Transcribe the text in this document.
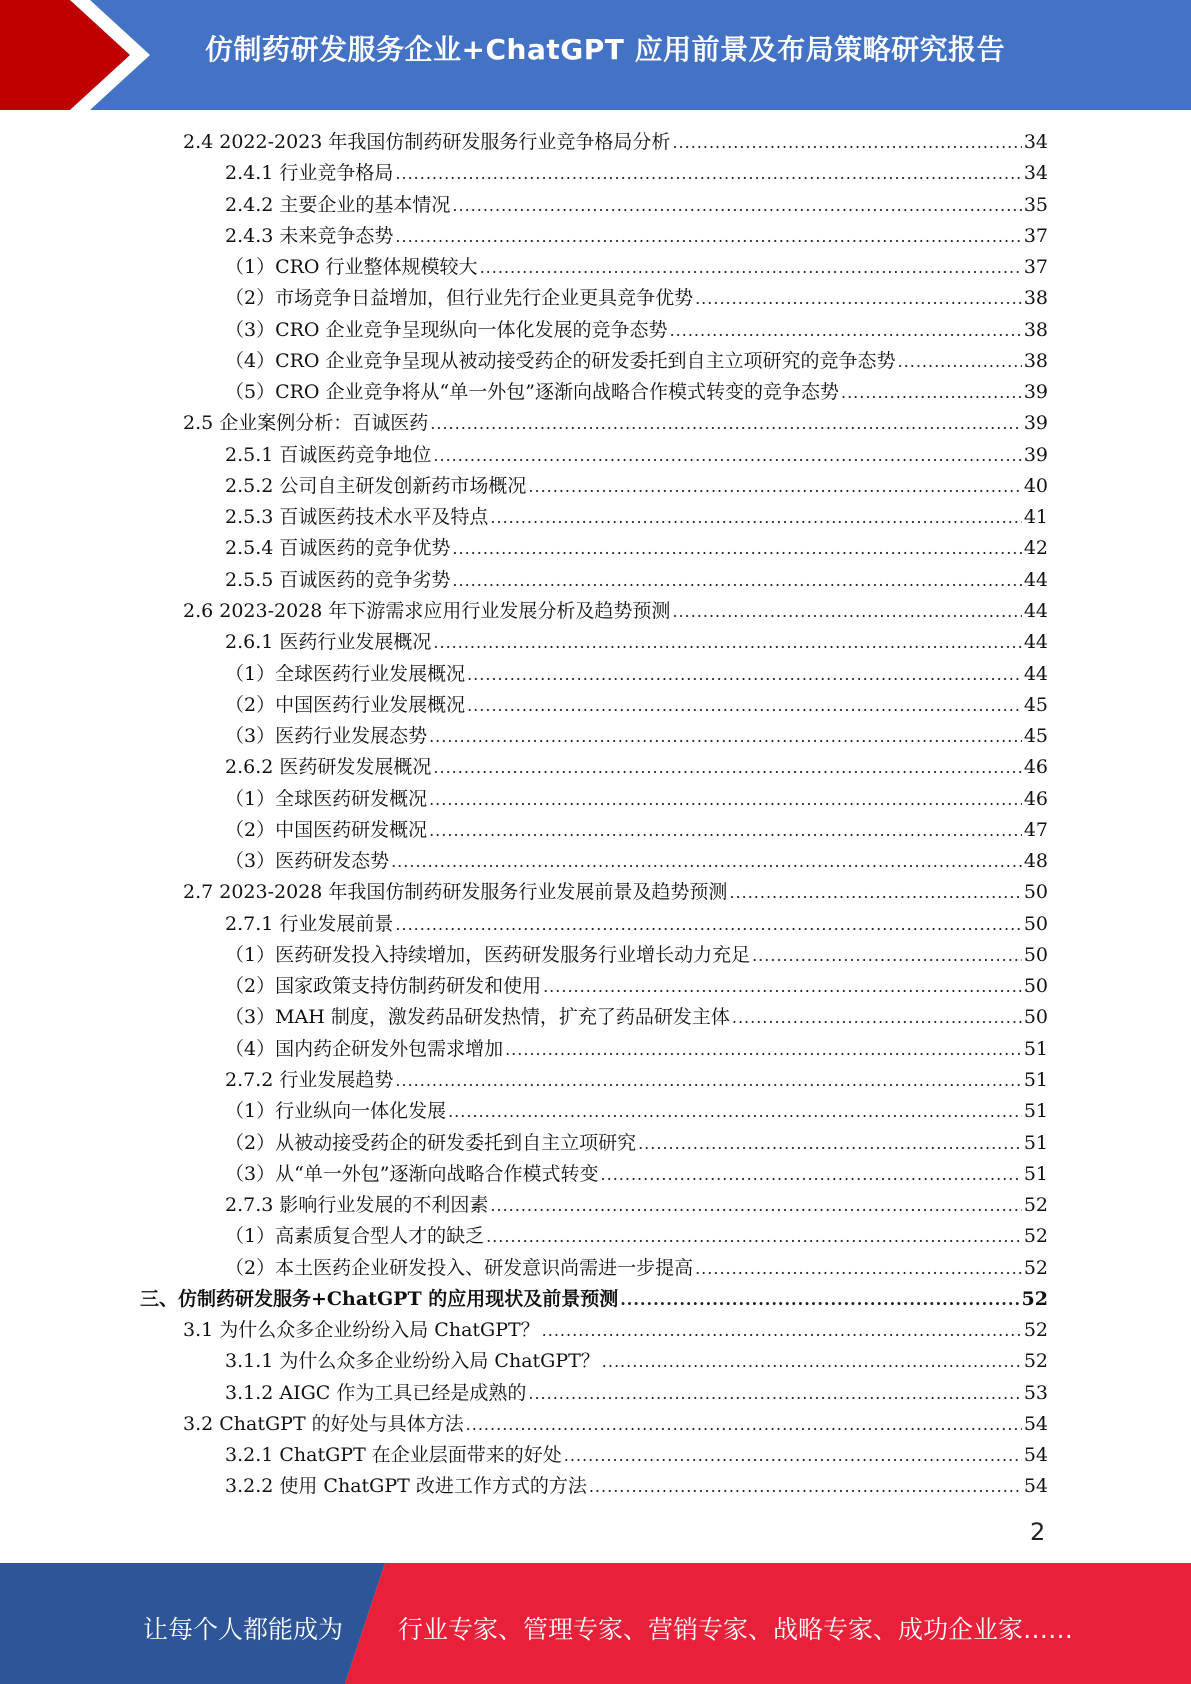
仿制药研发服务企业+ChatGPT 应用前景及布局策略研究报告
2.4 2022-2023 年我国仿制药研发服务行业竞争格局分析 .....	34
2.4.1 行业竞争格局 .....	34
2.4.2 主要企业的基本情况 .....	35
2.4.3 未来竞争态势 .....	37
（1）CRO 行业整体规模较大 .....	37
（2）市场竞争日益增加，但行业先行企业更具竞争优势 .....	38
（3）CRO 企业竞争呈现纵向一体化发展的竞争态势 .....	38
（4）CRO 企业竞争呈现从被动接受药企的研发委托到自主立项研究的竞争态势 .....	38
（5）CRO 企业竞争将从“单一外包”逐渐向战略合作模式转变的竞争态势 .....	39
2.5 企业案例分析：百诚医药 .....	39
2.5.1 百诚医药竞争地位 .....	39
2.5.2 公司自主研发创新药市场概况 .....	40
2.5.3 百诚医药技术水平及特点 .....	41
2.5.4 百诚医药的竞争优势 .....	42
2.5.5 百诚医药的竞争劣势 .....	44
2.6 2023-2028 年下游需求应用行业发展分析及趋势预测 .....	44
2.6.1 医药行业发展概况 .....	44
（1）全球医药行业发展概况 .....	44
（2）中国医药行业发展概况 .....	45
（3）医药行业发展态势 .....	45
2.6.2 医药研发发展概况 .....	46
（1）全球医药研发概况 .....	46
（2）中国医药研发概况 .....	47
（3）医药研发态势 .....	48
2.7 2023-2028 年我国仿制药研发服务行业发展前景及趋势预测 .....	50
2.7.1 行业发展前景 .....	50
（1）医药研发投入持续增加，医药研发服务行业增长动力充足 .....	50
（2）国家政策支持仿制药研发和使用 .....	50
（3）MAH 制度，激发药品研发热情，扩充了药品研发主体 .....	50
（4）国内药企研发外包需求增加 .....	51
2.7.2 行业发展趋势 .....	51
（1）行业纵向一体化发展 .....	51
（2）从被动接受药企的研发委托到自主立项研究 .....	51
（3）从“单一外包”逐渐向战略合作模式转变 .....	51
2.7.3 影响行业发展的不利因素 .....	52
（1）高素质复合型人才的缺乏 .....	52
（2）本土医药企业研发投入、研发意识尚需进一步提高 .....	52
三、仿制药研发服务+ChatGPT 的应用现状及前景预测 .....	52
3.1 为什么众多企业纷纷入局 ChatGPT？ .....	52
3.1.1 为什么众多企业纷纷入局 ChatGPT？ .....	52
3.1.2 AIGC 作为工具已经是成熟的 .....	53
3.2 ChatGPT 的好处与具体方法 .....	54
3.2.1 ChatGPT 在企业层面带来的好处 .....	54
3.2.2 使用 ChatGPT 改进工作方式的方法 .....	54
2
让每个人都能成为 行业专家、管理专家、营销专家、战略专家、成功企业家……
